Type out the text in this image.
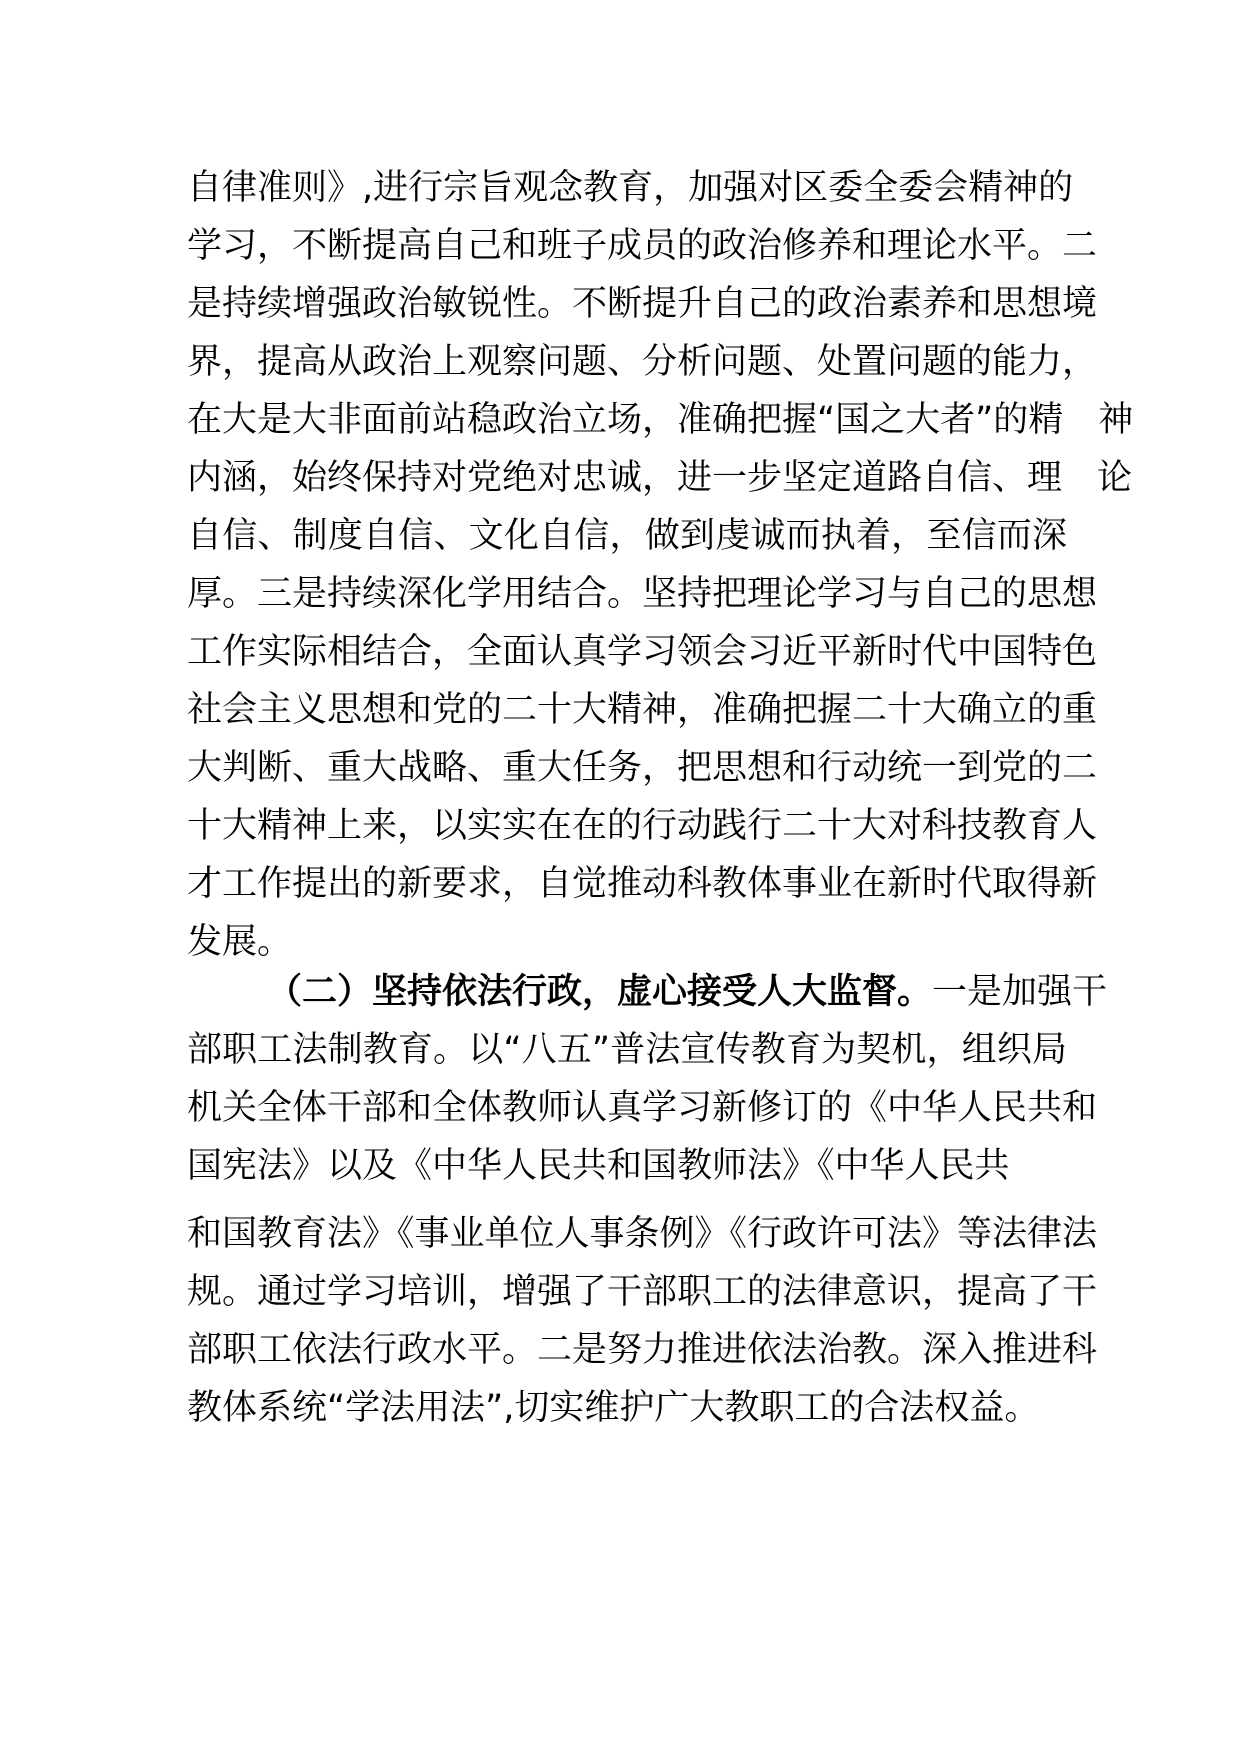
自律准则》,进行宗旨观念教育，加强对区委全委会精神的
学习，不断提高自己和班子成员的政治修养和理论水平。二
是持续增强政治敏锐性。不断提升自己的政治素养和思想境
界，提高从政治上观察问题、分析问题、处置问题的能力，
在大是大非面前站稳政治立场，准确把握“国之大者”的精　神
内涵，始终保持对党绝对忠诚，进一步坚定道路自信、理　论
自信、制度自信、文化自信，做到虔诚而执着，至信而深
厚。三是持续深化学用结合。坚持把理论学习与自己的思想
工作实际相结合，全面认真学习领会习近平新时代中国特色
社会主义思想和党的二十大精神，准确把握二十大确立的重
大判断、重大战略、重大任务，把思想和行动统一到党的二
十大精神上来，以实实在在的行动践行二十大对科技教育人
才工作提出的新要求，自觉推动科教体事业在新时代取得新
发展。
（二）坚持依法行政，虚心接受人大监督。一是加强干
部职工法制教育。以“八五”普法宣传教育为契机，组织局
机关全体干部和全体教师认真学习新修订的《中华人民共和
国宪法》以及《中华人民共和国教师法》《中华人民共
和国教育法》《事业单位人事条例》《行政许可法》等法律法
规。通过学习培训，增强了干部职工的法律意识，提高了干
部职工依法行政水平。二是努力推进依法治教。深入推进科
教体系统“学法用法”,切实维护广大教职工的合法权益。
